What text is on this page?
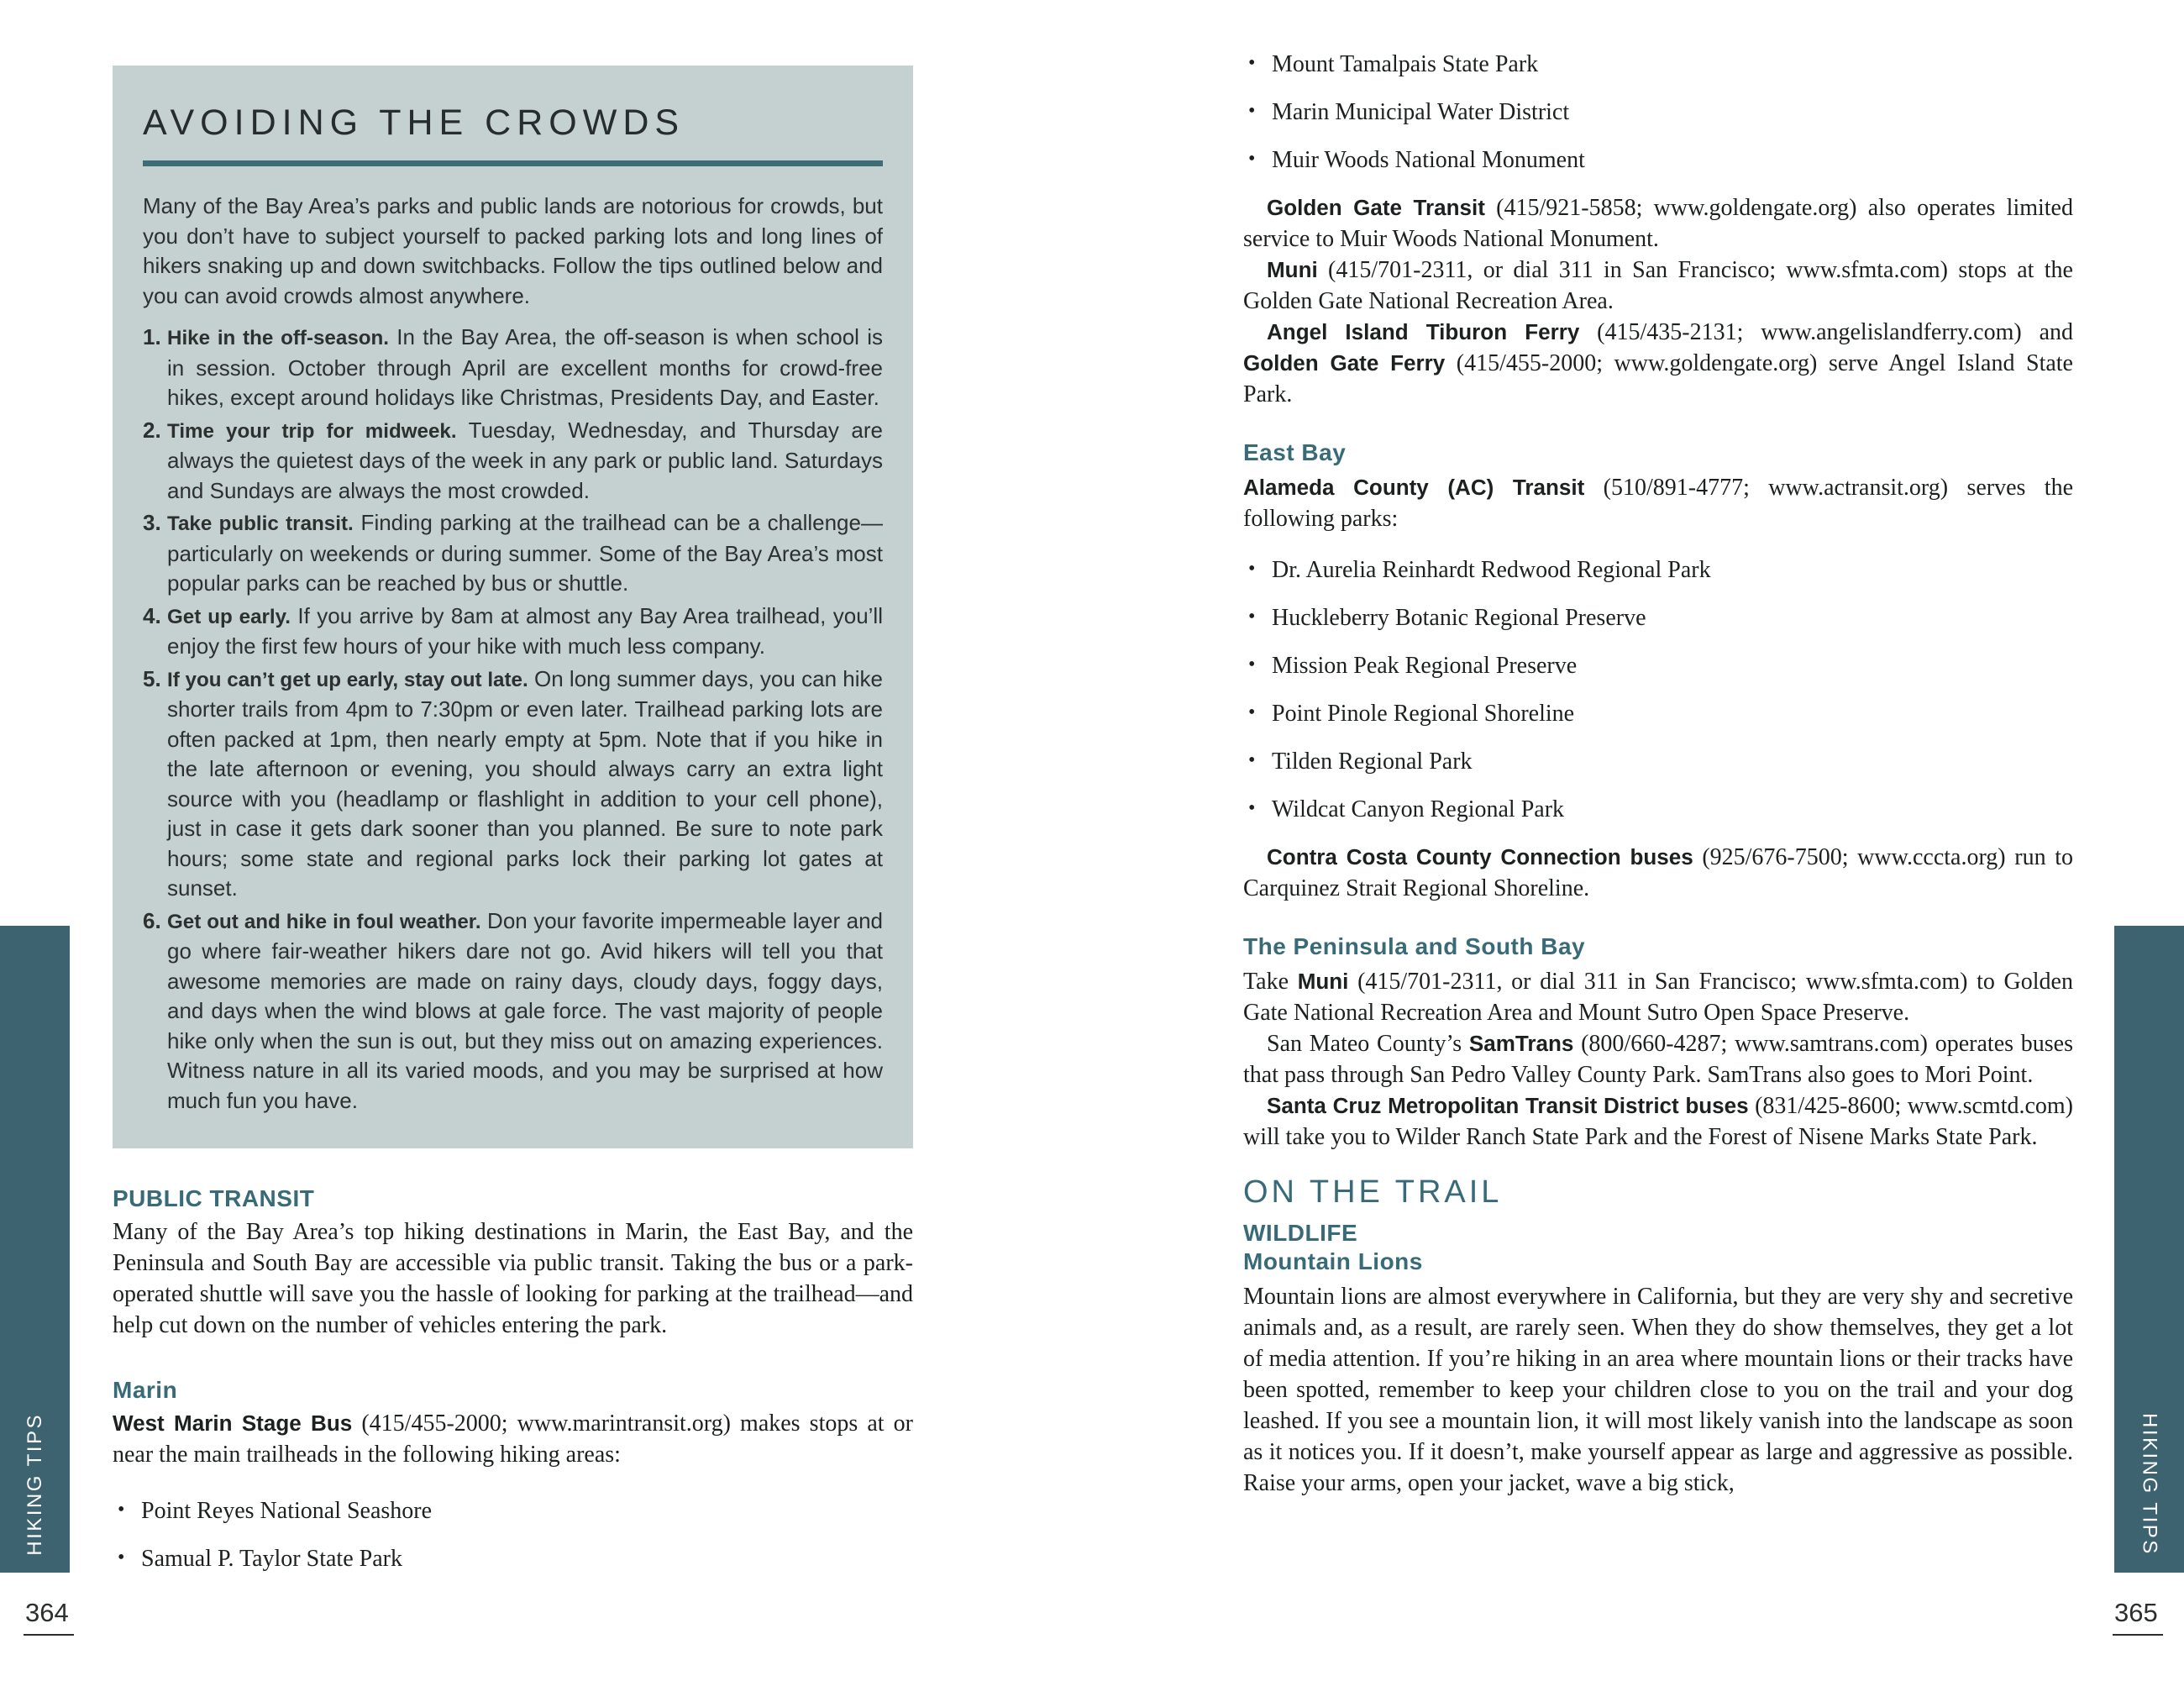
AVOIDING THE CROWDS

Many of the Bay Area’s parks and public lands are notorious for crowds, but you don’t have to subject yourself to packed parking lots and long lines of hikers snaking up and down switchbacks. Follow the tips outlined below and you can avoid crowds almost anywhere.

1. Hike in the off-season. In the Bay Area, the off-season is when school is in session. October through April are excellent months for crowd-free hikes, except around holidays like Christmas, Presidents Day, and Easter.
2. Time your trip for midweek. Tuesday, Wednesday, and Thursday are always the quietest days of the week in any park or public land. Saturdays and Sundays are always the most crowded.
3. Take public transit. Finding parking at the trailhead can be a challenge—particularly on weekends or during summer. Some of the Bay Area’s most popular parks can be reached by bus or shuttle.
4. Get up early. If you arrive by 8am at almost any Bay Area trailhead, you’ll enjoy the first few hours of your hike with much less company.
5. If you can’t get up early, stay out late. On long summer days, you can hike shorter trails from 4pm to 7:30pm or even later. Trailhead parking lots are often packed at 1pm, then nearly empty at 5pm. Note that if you hike in the late afternoon or evening, you should always carry an extra light source with you (headlamp or flashlight in addition to your cell phone), just in case it gets dark sooner than you planned. Be sure to note park hours; some state and regional parks lock their parking lot gates at sunset.
6. Get out and hike in foul weather. Don your favorite impermeable layer and go where fair-weather hikers dare not go. Avid hikers will tell you that awesome memories are made on rainy days, cloudy days, foggy days, and days when the wind blows at gale force. The vast majority of people hike only when the sun is out, but they miss out on amazing experiences. Witness nature in all its varied moods, and you may be surprised at how much fun you have.
PUBLIC TRANSIT

Many of the Bay Area’s top hiking destinations in Marin, the East Bay, and the Peninsula and South Bay are accessible via public transit. Taking the bus or a park-operated shuttle will save you the hassle of looking for parking at the trailhead—and help cut down on the number of vehicles entering the park.

Marin

West Marin Stage Bus (415/455-2000; www.marintransit.org) makes stops at or near the main trailheads in the following hiking areas:

• Point Reyes National Seashore
• Samual P. Taylor State Park
• Mount Tamalpais State Park
• Marin Municipal Water District
• Muir Woods National Monument

Golden Gate Transit (415/921-5858; www.goldengate.org) also operates limited service to Muir Woods National Monument.

Muni (415/701-2311, or dial 311 in San Francisco; www.sfmta.com) stops at the Golden Gate National Recreation Area.

Angel Island Tiburon Ferry (415/435-2131; www.angelislandferry.com) and Golden Gate Ferry (415/455-2000; www.goldengate.org) serve Angel Island State Park.

East Bay

Alameda County (AC) Transit (510/891-4777; www.actransit.org) serves the following parks:

• Dr. Aurelia Reinhardt Redwood Regional Park
• Huckleberry Botanic Regional Preserve
• Mission Peak Regional Preserve
• Point Pinole Regional Shoreline
• Tilden Regional Park
• Wildcat Canyon Regional Park

Contra Costa County Connection buses (925/676-7500; www.cccta.org) run to Carquinez Strait Regional Shoreline.

The Peninsula and South Bay

Take Muni (415/701-2311, or dial 311 in San Francisco; www.sfmta.com) to Golden Gate National Recreation Area and Mount Sutro Open Space Preserve.

San Mateo County’s SamTrans (800/660-4287; www.samtrans.com) operates buses that pass through San Pedro Valley County Park. SamTrans also goes to Mori Point.

Santa Cruz Metropolitan Transit District buses (831/425-8600; www.scmtd.com) will take you to Wilder Ranch State Park and the Forest of Nisene Marks State Park.

ON THE TRAIL
WILDLIFE
Mountain Lions

Mountain lions are almost everywhere in California, but they are very shy and secretive animals and, as a result, are rarely seen. When they do show themselves, they get a lot of media attention. If you’re hiking in an area where mountain lions or their tracks have been spotted, remember to keep your children close to you on the trail and your dog leashed. If you see a mountain lion, it will most likely vanish into the landscape as soon as it notices you. If it doesn’t, make yourself appear as large and aggressive as possible. Raise your arms, open your jacket, wave a big stick,

HIKING TIPS	HIKING TIPS
364	365
